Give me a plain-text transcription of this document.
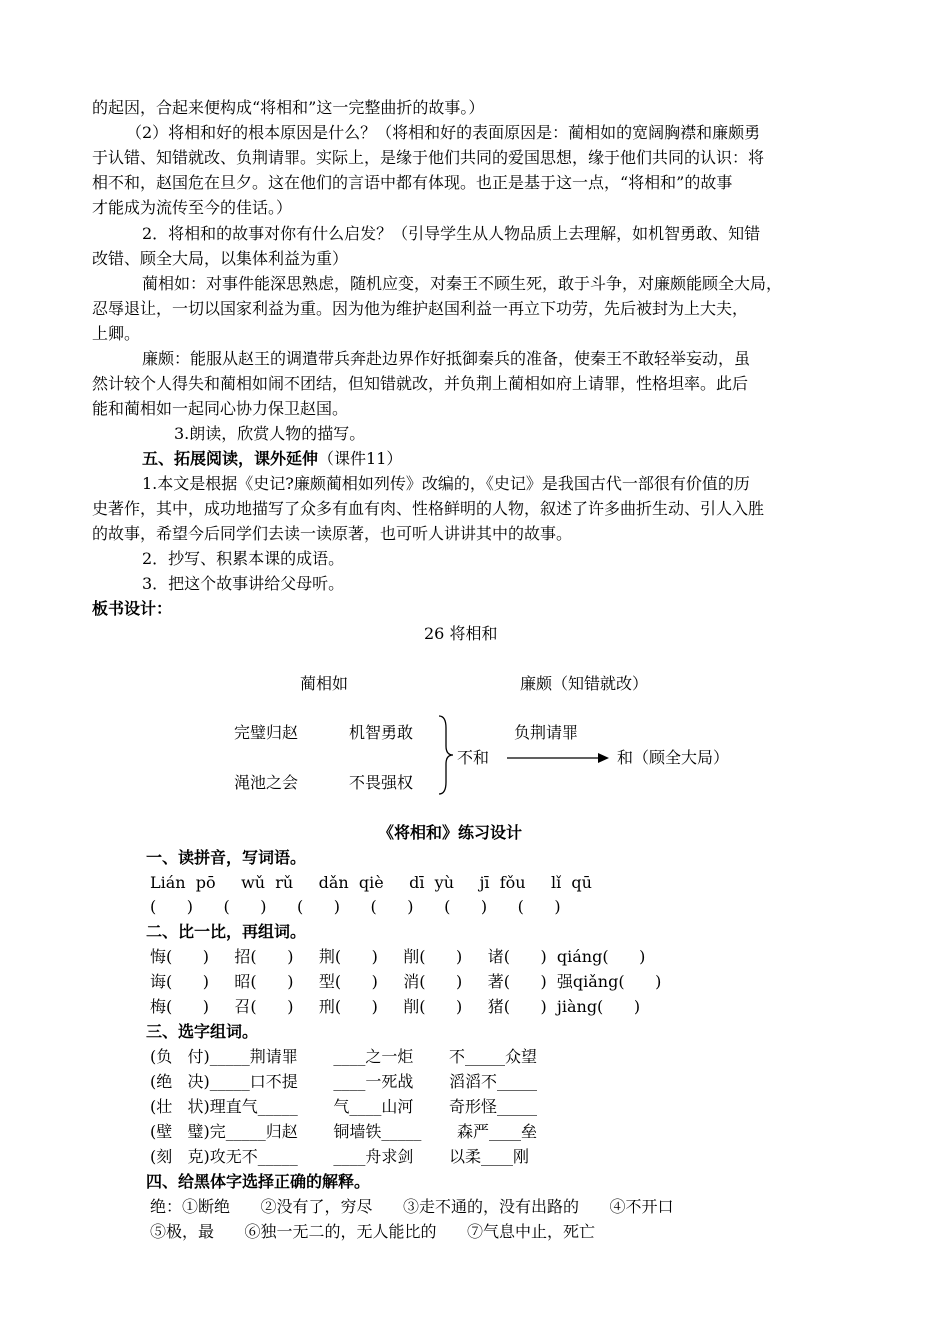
的起因，合起来便构成“将相和”这一完整曲折的故事。）
（2）将相和好的根本原因是什么？（将相和好的表面原因是：蔺相如的宽阔胸襟和廉颇勇
于认错、知错就改、负荆请罪。实际上，是缘于他们共同的爱国思想，缘于他们共同的认识：将
相不和，赵国危在旦夕。这在他们的言语中都有体现。也正是基于这一点，“将相和”的故事
才能成为流传至今的佳话。）
2．将相和的故事对你有什么启发？（引导学生从人物品质上去理解，如机智勇敢、知错
改错、顾全大局，以集体利益为重）
蔺相如：对事件能深思熟虑，随机应变，对秦王不顾生死，敢于斗争，对廉颇能顾全大局，
忍辱退让，一切以国家利益为重。因为他为维护赵国利益一再立下功劳，先后被封为上大夫，
上卿。
廉颇：能服从赵王的调遣带兵奔赴边界作好抵御秦兵的准备，使秦王不敢轻举妄动，虽
然计较个人得失和蔺相如闹不团结，但知错就改，并负荆上蔺相如府上请罪，性格坦率。此后
能和蔺相如一起同心协力保卫赵国。
3.朗读，欣赏人物的描写。
五、拓展阅读，课外延伸（课件11）
1.本文是根据《史记?廉颇蔺相如列传》改编的，《史记》是我国古代一部很有价值的历
史著作，其中，成功地描写了众多有血有肉、性格鲜明的人物，叙述了许多曲折生动、引人入胜
的故事，希望今后同学们去读一读原著，也可听人讲讲其中的故事。
2．抄写、积累本课的成语。
3．把这个故事讲给父母听。
板书设计：
26 将相和
蔺相如	廉颇（知错就改）
完璧归赵	机智勇敢
渑池之会	不畏强权
不和
负荆请罪
和（顾全大局）
《将相和》练习设计
一、读拼音，写词语。
Lián  pō     wǔ  rǔ     dǎn  qiè     dī  yù     jī  fǒu     lǐ  qū
(      )      (      )      (      )      (      )      (      )      (      )
二、比一比，再组词。
悔(      )     招(      )     荆(      )     削(      )     诸(      )  qiáng(      )
诲(      )     昭(      )     型(      )     消(      )     著(      )  强qiǎng(      )
梅(      )     召(      )     刑(      )     削(      )     猪(      )  jiàng(      )
三、选字组词。
(负   付)_____荆请罪       ____之一炬       不_____众望
(绝   决)_____口不提       ____一死战       滔滔不_____
(壮   状)理直气_____       气____山河       奇形怪_____
(壁   璧)完_____归赵       铜墙铁_____       森严____垒
(刻   克)攻无不_____       ____舟求剑       以柔____刚
四、给黑体字选择正确的解释。
绝：①断绝      ②没有了，穷尽      ③走不通的，没有出路的      ④不开口
⑤极，最      ⑥独一无二的，无人能比的      ⑦气息中止，死亡
